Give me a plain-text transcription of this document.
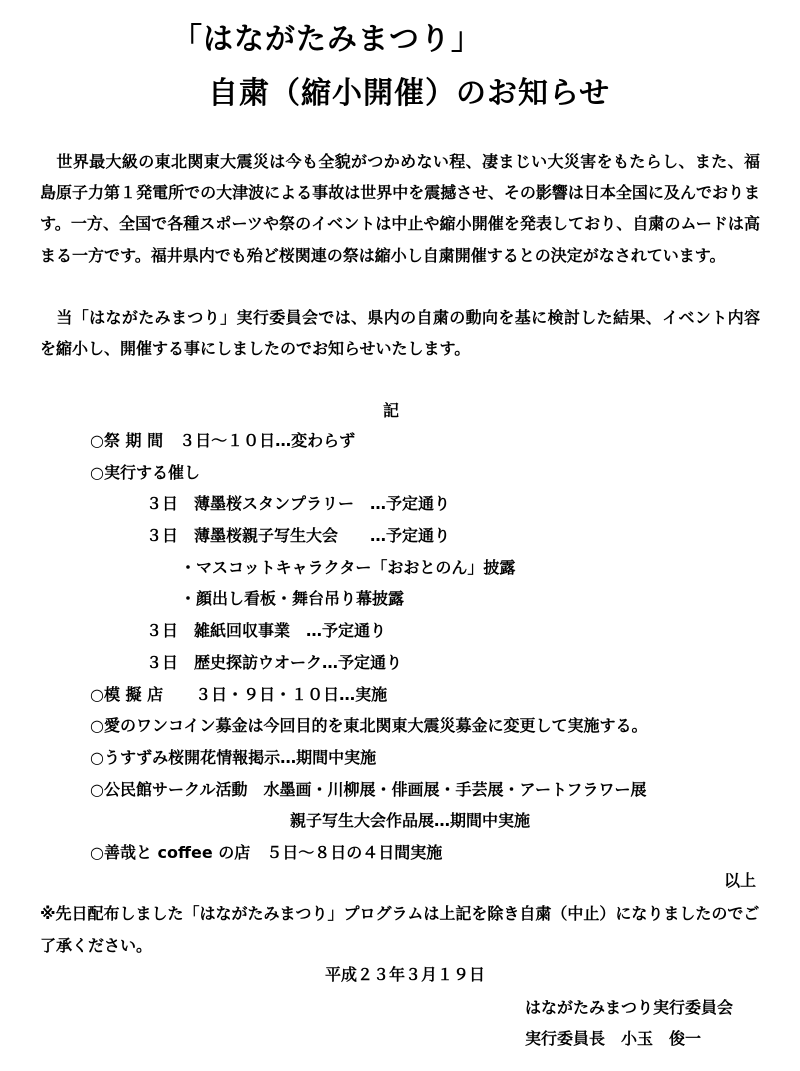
「はながたみまつり」
自粛（縮小開催）のお知らせ
　世界最大級の東北関東大震災は今も全貌がつかめない程、凄まじい大災害をもたらし、また、福島原子力第１発電所での大津波による事故は世界中を震撼させ、その影響は日本全国に及んでおります。一方、全国で各種スポーツや祭のイベントは中止や縮小開催を発表しており、自粛のムードは高まる一方です。福井県内でも殆ど桜関連の祭は縮小し自粛開催するとの決定がなされています。
　当「はながたみまつり」実行委員会では、県内の自粛の動向を基に検討した結果、イベント内容を縮小し、開催する事にしましたのでお知らせいたします。
記
○祭 期 間　３日～１０日…変わらず
○実行する催し
３日　薄墨桜スタンプラリー　…予定通り
３日　薄墨桜親子写生大会　　…予定通り
・マスコットキャラクター「おおとのん」披露
・顔出し看板・舞台吊り幕披露
３日　雑紙回収事業　…予定通り
３日　歴史探訪ウオーク…予定通り
○模 擬 店　　３日・９日・１０日…実施
○愛のワンコイン募金は今回目的を東北関東大震災募金に変更して実施する。
○うすずみ桜開花情報掲示…期間中実施
○公民館サークル活動　水墨画・川柳展・俳画展・手芸展・アートフラワー展
親子写生大会作品展…期間中実施
○善哉と coffee の店　５日～８日の４日間実施
以上
※先日配布しました「はながたみまつり」プログラムは上記を除き自粛（中止）になりましたのでご了承ください。
平成２３年３月１９日
はながたみまつり実行委員会
実行委員長　小玉　俊一
